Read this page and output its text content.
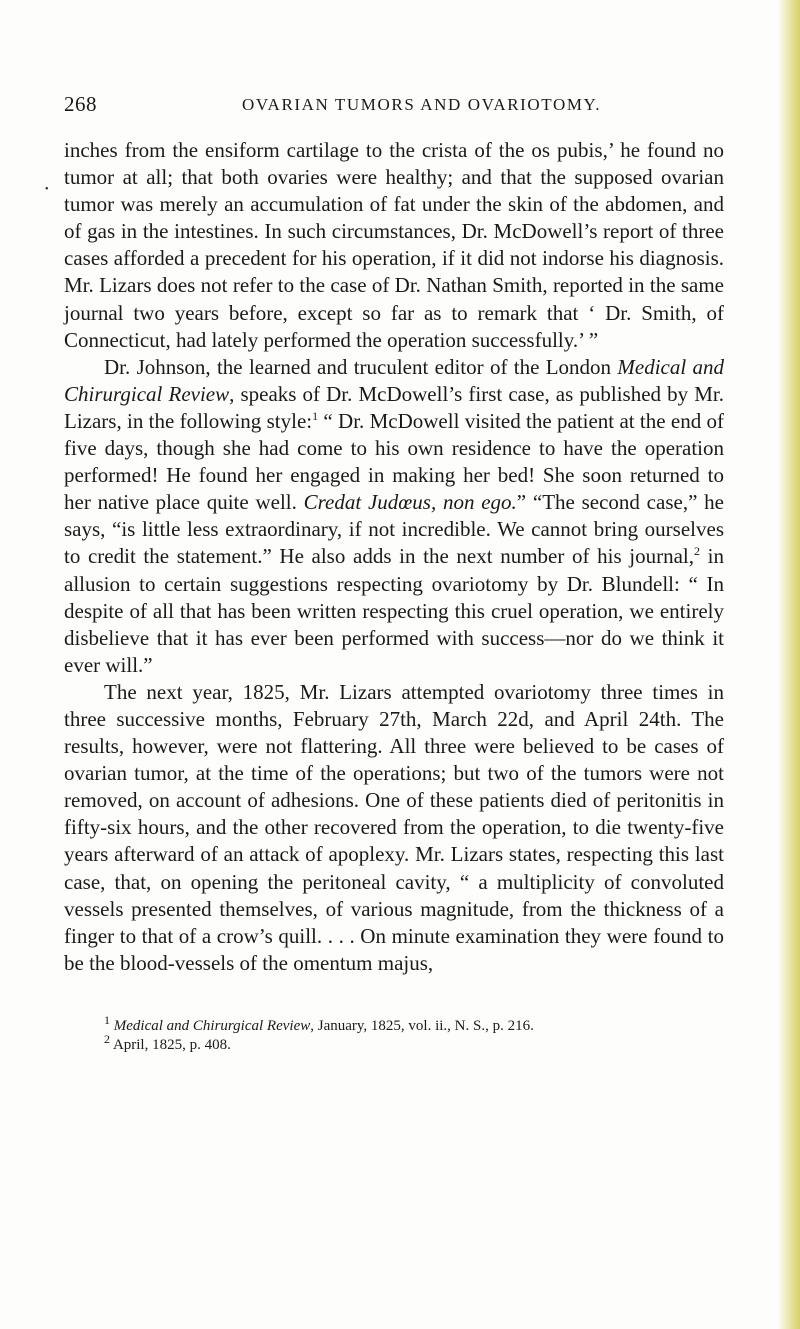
268	OVARIAN TUMORS AND OVARIOTOMY.
•

inches from the ensiform cartilage to the crista of the os pubis,’ he found no tumor at all; that both ovaries were healthy; and that the supposed ovarian tumor was merely an accumulation of fat under the skin of the abdomen, and of gas in the intestines. In such circumstances, Dr. McDowell’s report of three cases afforded a precedent for his operation, if it did not indorse his diagnosis. Mr. Lizars does not refer to the case of Dr. Nathan Smith, reported in the same journal two years before, except so far as to remark that ‘ Dr. Smith, of Connecticut, had lately performed the operation successfully.’ ”

Dr. Johnson, the learned and truculent editor of the London Medical and Chirurgical Review, speaks of Dr. McDowell’s first case, as published by Mr. Lizars, in the following style:$^1$ “ Dr. McDowell visited the patient at the end of five days, though she had come to his own residence to have the operation performed! He found her engaged in making her bed! She soon returned to her native place quite well. Credat Judœus, non ego.” “The second case,” he says, “is little less extraordinary, if not incredible. We cannot bring ourselves to credit the statement.” He also adds in the next number of his journal,$^2$ in allusion to certain suggestions respecting ovariotomy by Dr. Blundell: “ In despite of all that has been written respecting this cruel operation, we entirely disbelieve that it has ever been performed with success—nor do we think it ever will.”

The next year, 1825, Mr. Lizars attempted ovariotomy three times in three successive months, February 27th, March 22d, and April 24th. The results, however, were not flattering. All three were believed to be cases of ovarian tumor, at the time of the operations; but two of the tumors were not removed, on account of adhesions. One of these patients died of peritonitis in fifty-six hours, and the other recovered from the operation, to die twenty-five years afterward of an attack of apoplexy. Mr. Lizars states, respecting this last case, that, on opening the peritoneal cavity, “ a multiplicity of convoluted vessels presented themselves, of various magnitude, from the thickness of a finger to that of a crow’s quill. . . . On minute examination they were found to be the blood-vessels of the omentum majus,

$^1$ Medical and Chirurgical Review, January, 1825, vol. ii., N. S., p. 216.
$^2$ April, 1825, p. 408.
